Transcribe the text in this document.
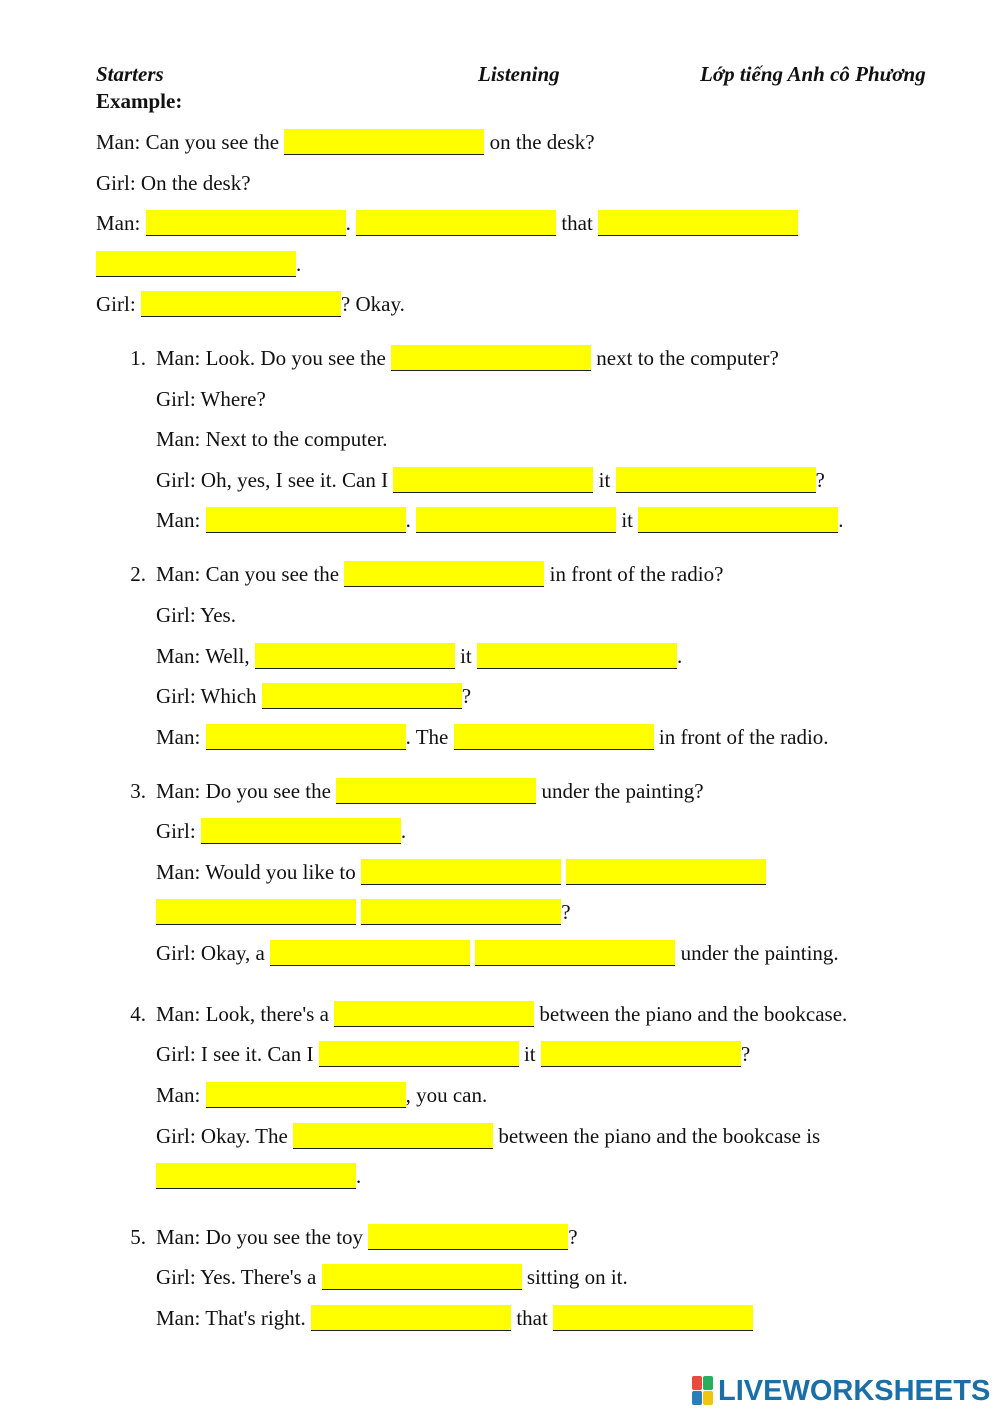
Starters	Listening	Lớp tiếng Anh cô Phương
Example:
Man: Can you see the	on the desk?
Girl: On the desk?
Man:	.	that
.
Girl:	? Okay.
1. Man: Look. Do you see the	next to the computer?
Girl: Where?
Man: Next to the computer.
Girl: Oh, yes, I see it. Can I	it	?
Man:	.	it	.
2. Man: Can you see the	in front of the radio?
Girl: Yes.
Man: Well,	it	.
Girl: Which	?
Man:	. The	in front of the radio.
3. Man: Do you see the	under the painting?
Girl:	.
Man: Would you like to
?
Girl: Okay, a	under the painting.
4. Man: Look, there's a	between the piano and the bookcase.
Girl: I see it. Can I	it	?
Man:	, you can.
Girl: Okay. The	between the piano and the bookcase is
.
5. Man: Do you see the toy	?
Girl: Yes. There's a	sitting on it.
Man: That's right.	that
LIVEWORKSHEETS
